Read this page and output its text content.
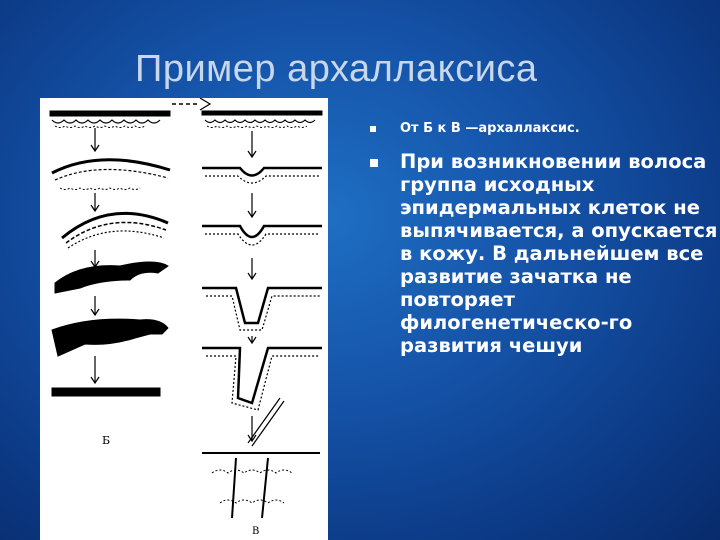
Пример архаллаксиса
Б
В
От Б к В —архаллаксис.
При возникновении волоса группа исходных эпидермальных клеток не выпячивается, а опускается в кожу. В дальнейшем все развитие зачатка не повторяет филогенетическо-го развития чешуи
